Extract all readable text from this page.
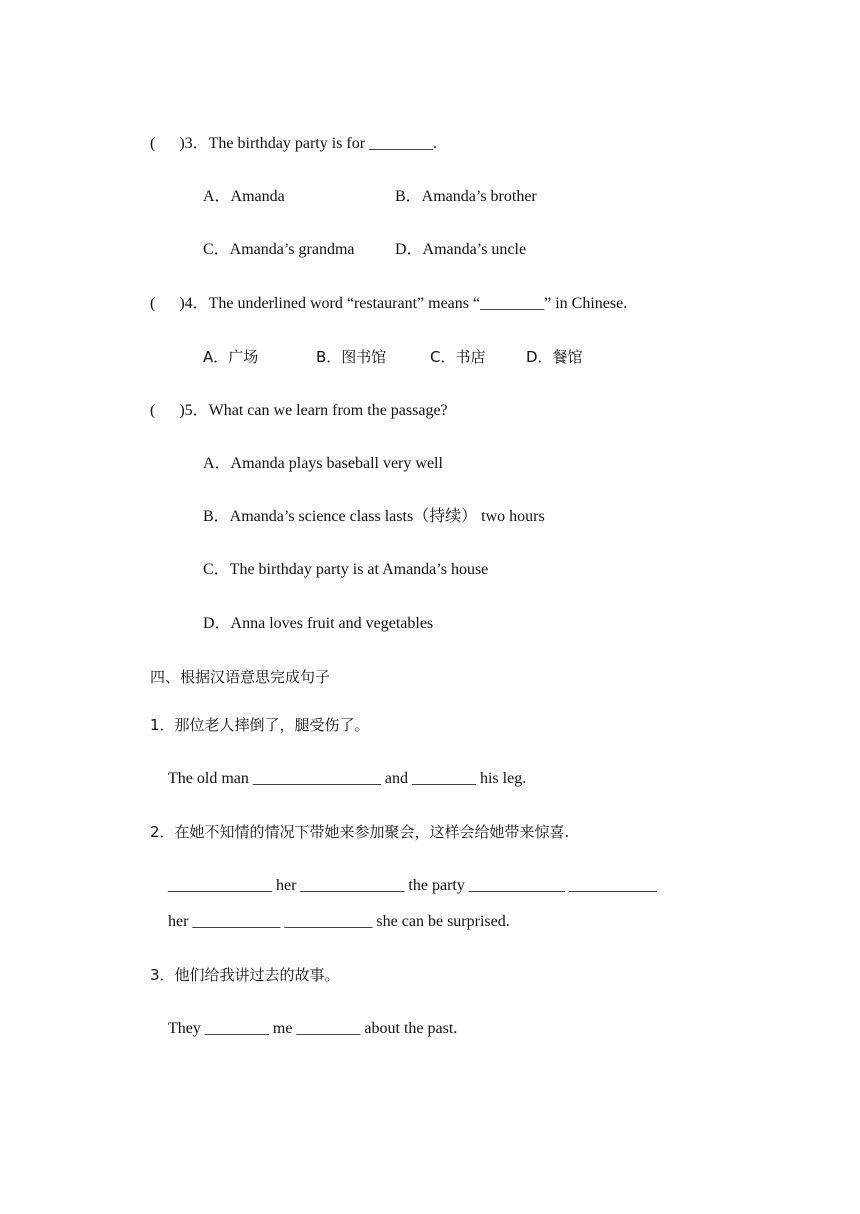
(      )3．The birthday party is for ________.
A．Amanda	B．Amanda’s brother
C．Amanda’s grandma	D．Amanda’s uncle
(      )4．The underlined word “restaurant” means “________” in Chinese.
A．广场	B．图书馆	C．书店	D．餐馆
(      )5．What can we learn from the passage?
A．Amanda plays baseball very well
B．Amanda’s science class lasts（持续） two hours
C．The birthday party is at Amanda’s house
D．Anna loves fruit and vegetables
四、根据汉语意思完成句子
1．那位老人摔倒了，腿受伤了。
The old man ________________ and ________ his leg.
2．在她不知情的情况下带她来参加聚会，这样会给她带来惊喜.
_____________ her _____________ the party ____________ ___________
her ___________ ___________ she can be surprised.
3．他们给我讲过去的故事。
They ________ me ________ about the past.
